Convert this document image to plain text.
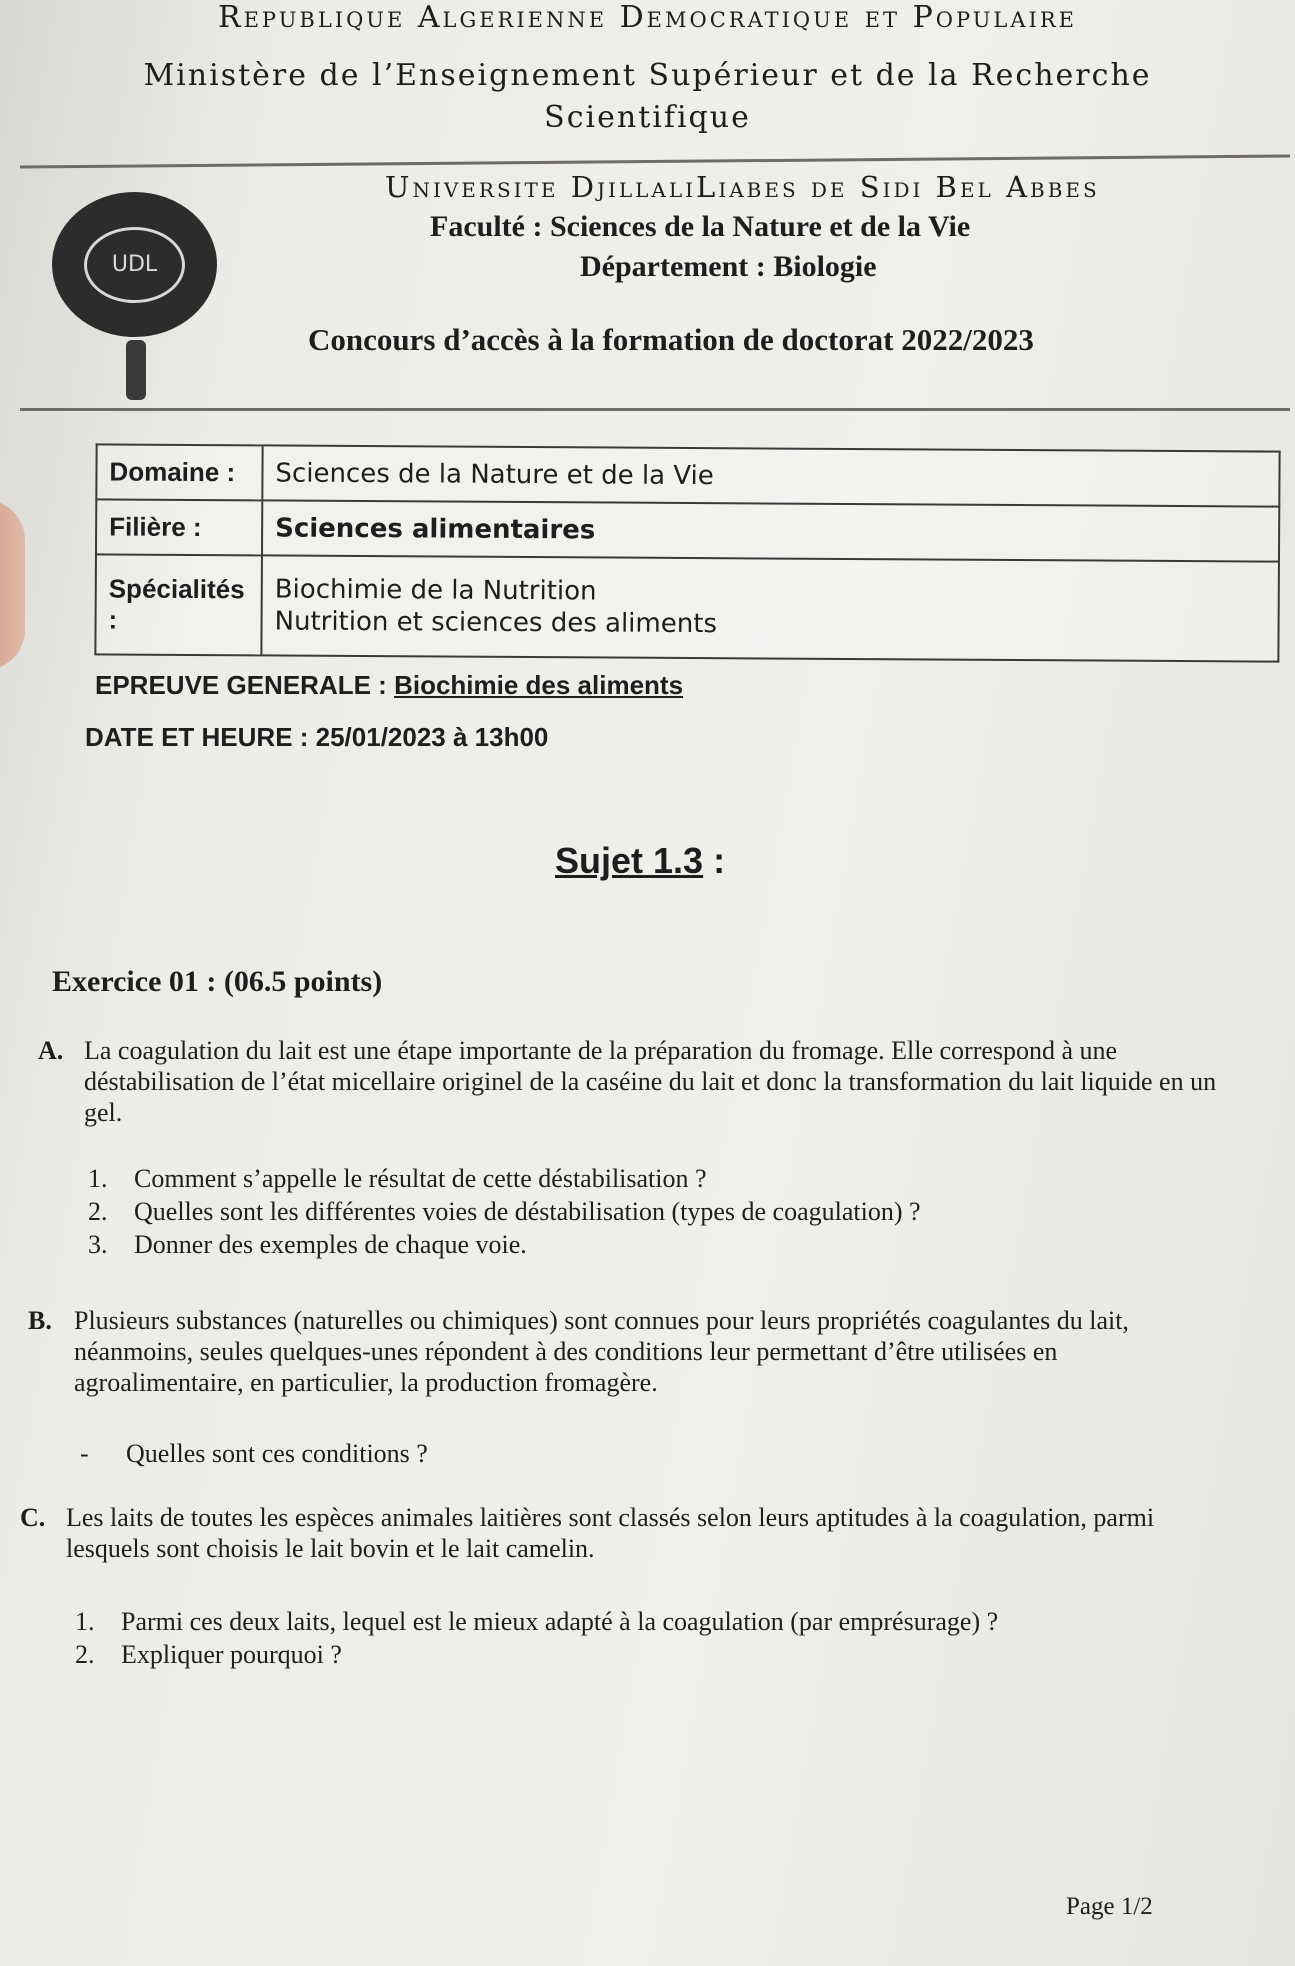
Republique Algerienne Democratique et Populaire
Ministère de l’Enseignement Supérieur et de la Recherche
Scientifique
UDL
Universite DjillaliLiabes de Sidi Bel Abbes
Faculté : Sciences de la Nature et de la Vie
Département : Biologie
Concours d’accès à la formation de doctorat 2022/2023
Domaine :	Sciences de la Nature et de la Vie
Filière :	Sciences alimentaires
Spécialités :	Biochimie de la Nutrition
Nutrition et sciences des aliments
EPREUVE GENERALE : Biochimie des aliments
DATE ET HEURE : 25/01/2023 à 13h00
Sujet 1.3 :
Exercice 01 : (06.5 points)
A. La coagulation du lait est une étape importante de la préparation du fromage. Elle correspond à une déstabilisation de l’état micellaire originel de la caséine du lait et donc la transformation du lait liquide en un gel.
1. Comment s’appelle le résultat de cette déstabilisation ?
2. Quelles sont les différentes voies de déstabilisation (types de coagulation) ?
3. Donner des exemples de chaque voie.
B. Plusieurs substances (naturelles ou chimiques) sont connues pour leurs propriétés coagulantes du lait, néanmoins, seules quelques-unes répondent à des conditions leur permettant d’être utilisées en agroalimentaire, en particulier, la production fromagère.
- Quelles sont ces conditions ?
C. Les laits de toutes les espèces animales laitières sont classés selon leurs aptitudes à la coagulation, parmi lesquels sont choisis le lait bovin et le lait camelin.
1. Parmi ces deux laits, lequel est le mieux adapté à la coagulation (par emprésurage) ?
2. Expliquer pourquoi ?
Page 1/2
